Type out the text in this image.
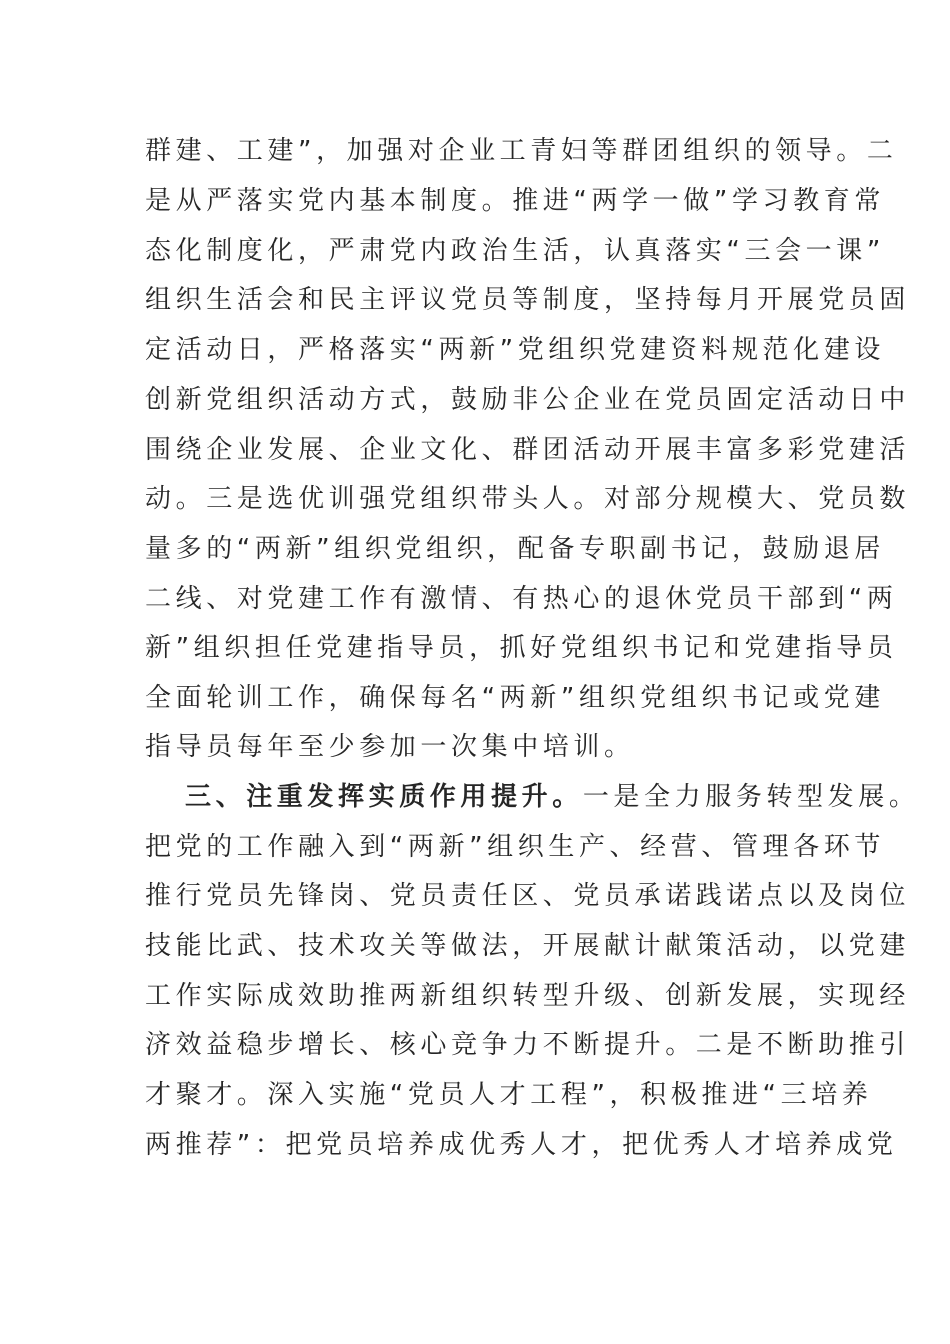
群建、工建”，加强对企业工青妇等群团组织的领导。二
是从严落实党内基本制度。推进“两学一做”学习教育常
态化制度化，严肃党内政治生活，认真落实“三会一课”
组织生活会和民主评议党员等制度，坚持每月开展党员固
定活动日，严格落实“两新”党组织党建资料规范化建设
创新党组织活动方式，鼓励非公企业在党员固定活动日中
围绕企业发展、企业文化、群团活动开展丰富多彩党建活
动。三是选优训强党组织带头人。对部分规模大、党员数
量多的“两新”组织党组织，配备专职副书记，鼓励退居
二线、对党建工作有激情、有热心的退休党员干部到“两
新”组织担任党建指导员，抓好党组织书记和党建指导员
全面轮训工作，确保每名“两新”组织党组织书记或党建
指导员每年至少参加一次集中培训。
三、注重发挥实质作用提升。一是全力服务转型发展。
把党的工作融入到“两新”组织生产、经营、管理各环节
推行党员先锋岗、党员责任区、党员承诺践诺点以及岗位
技能比武、技术攻关等做法，开展献计献策活动，以党建
工作实际成效助推两新组织转型升级、创新发展，实现经
济效益稳步增长、核心竞争力不断提升。二是不断助推引
才聚才。深入实施“党员人才工程”，积极推进“三培养
两推荐”：把党员培养成优秀人才，把优秀人才培养成党
